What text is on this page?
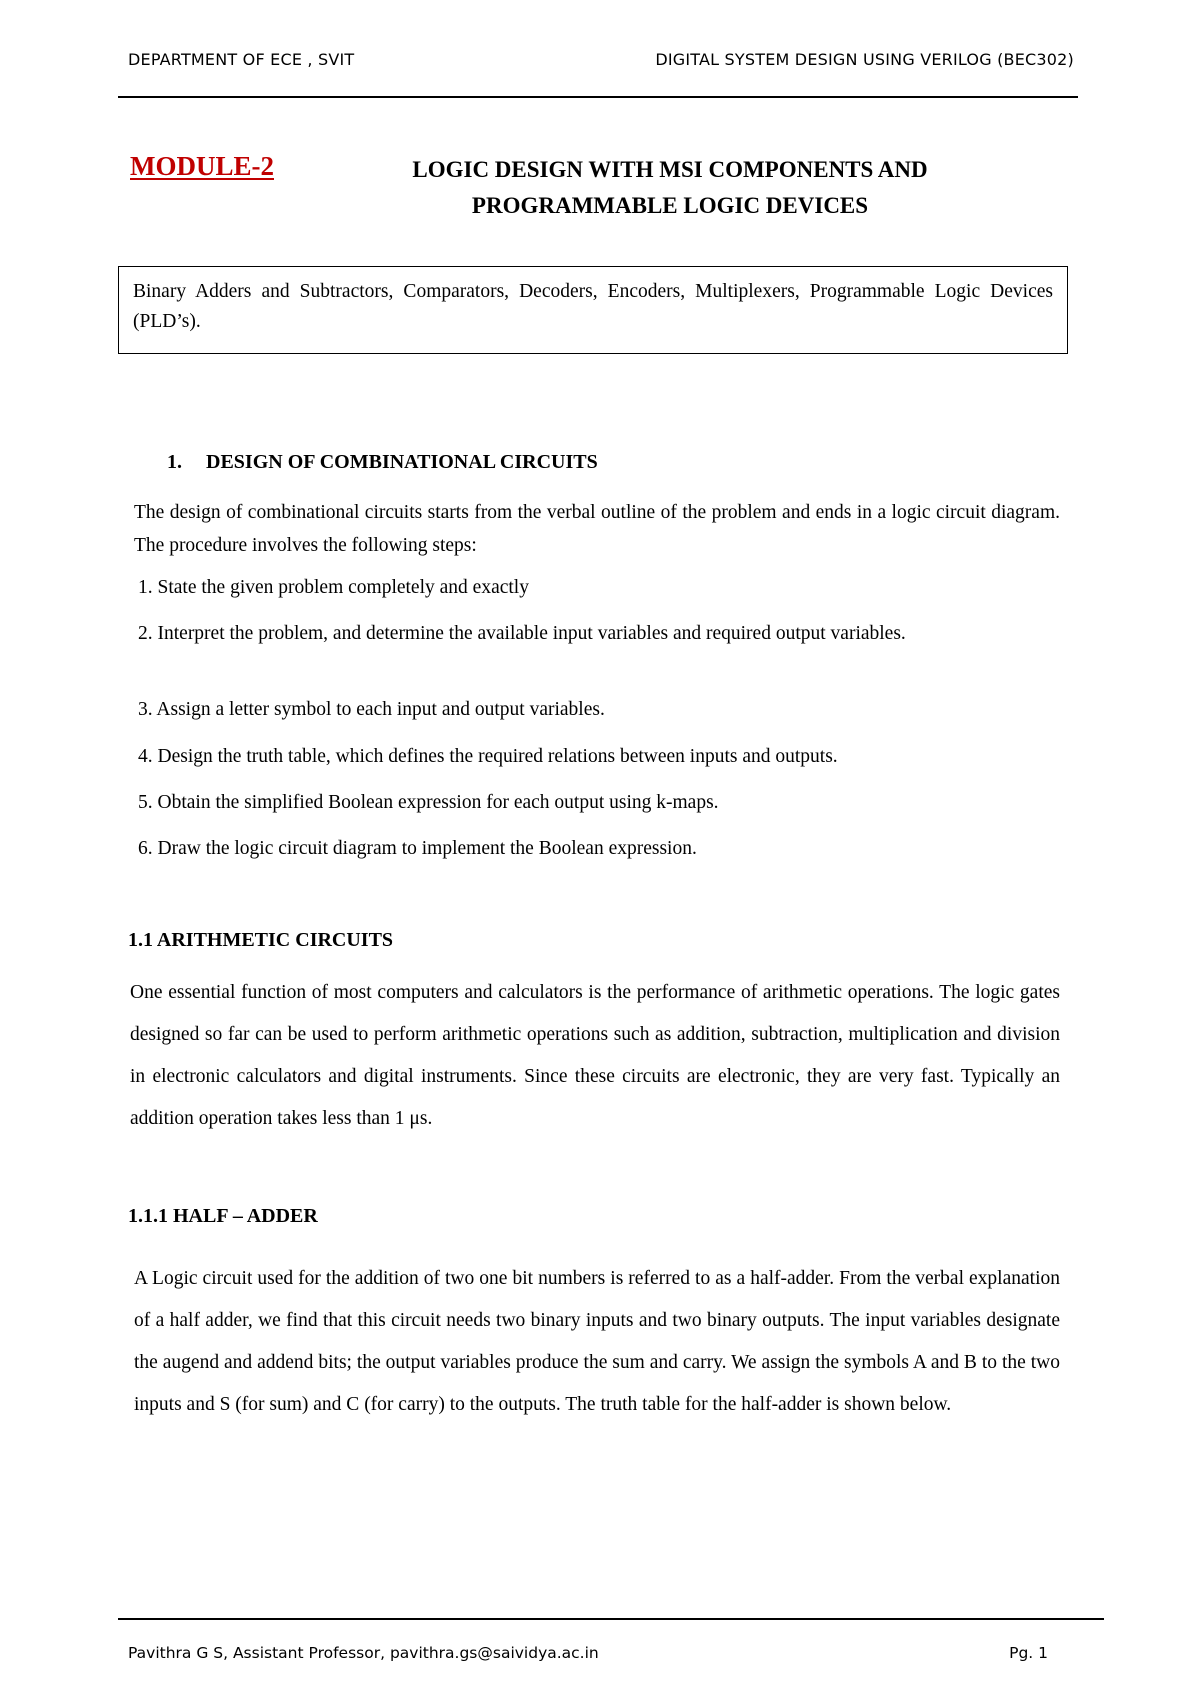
DEPARTMENT OF ECE , SVIT	DIGITAL SYSTEM DESIGN USING VERILOG (BEC302)
MODULE-2	LOGIC DESIGN WITH MSI COMPONENTS AND
PROGRAMMABLE LOGIC DEVICES
Binary Adders and Subtractors, Comparators, Decoders, Encoders, Multiplexers, Programmable Logic Devices (PLD’s).
1. DESIGN OF COMBINATIONAL CIRCUITS
The design of combinational circuits starts from the verbal outline of the problem and ends in a logic circuit diagram. The procedure involves the following steps:
1. State the given problem completely and exactly
2. Interpret the problem, and determine the available input variables and required output variables.
3. Assign a letter symbol to each input and output variables.
4. Design the truth table, which defines the required relations between inputs and outputs.
5. Obtain the simplified Boolean expression for each output using k-maps.
6. Draw the logic circuit diagram to implement the Boolean expression.
1.1 ARITHMETIC CIRCUITS
One essential function of most computers and calculators is the performance of arithmetic operations. The logic gates designed so far can be used to perform arithmetic operations such as addition, subtraction, multiplication and division in electronic calculators and digital instruments. Since these circuits are electronic, they are very fast. Typically an addition operation takes less than 1 μs.
1.1.1 HALF – ADDER
A Logic circuit used for the addition of two one bit numbers is referred to as a half-adder. From the verbal explanation of a half adder, we find that this circuit needs two binary inputs and two binary outputs. The input variables designate the augend and addend bits; the output variables produce the sum and carry. We assign the symbols A and B to the two inputs and S (for sum) and C (for carry) to the outputs. The truth table for the half-adder is shown below.
Pavithra G S, Assistant Professor, pavithra.gs@saividya.ac.in	Pg. 1
